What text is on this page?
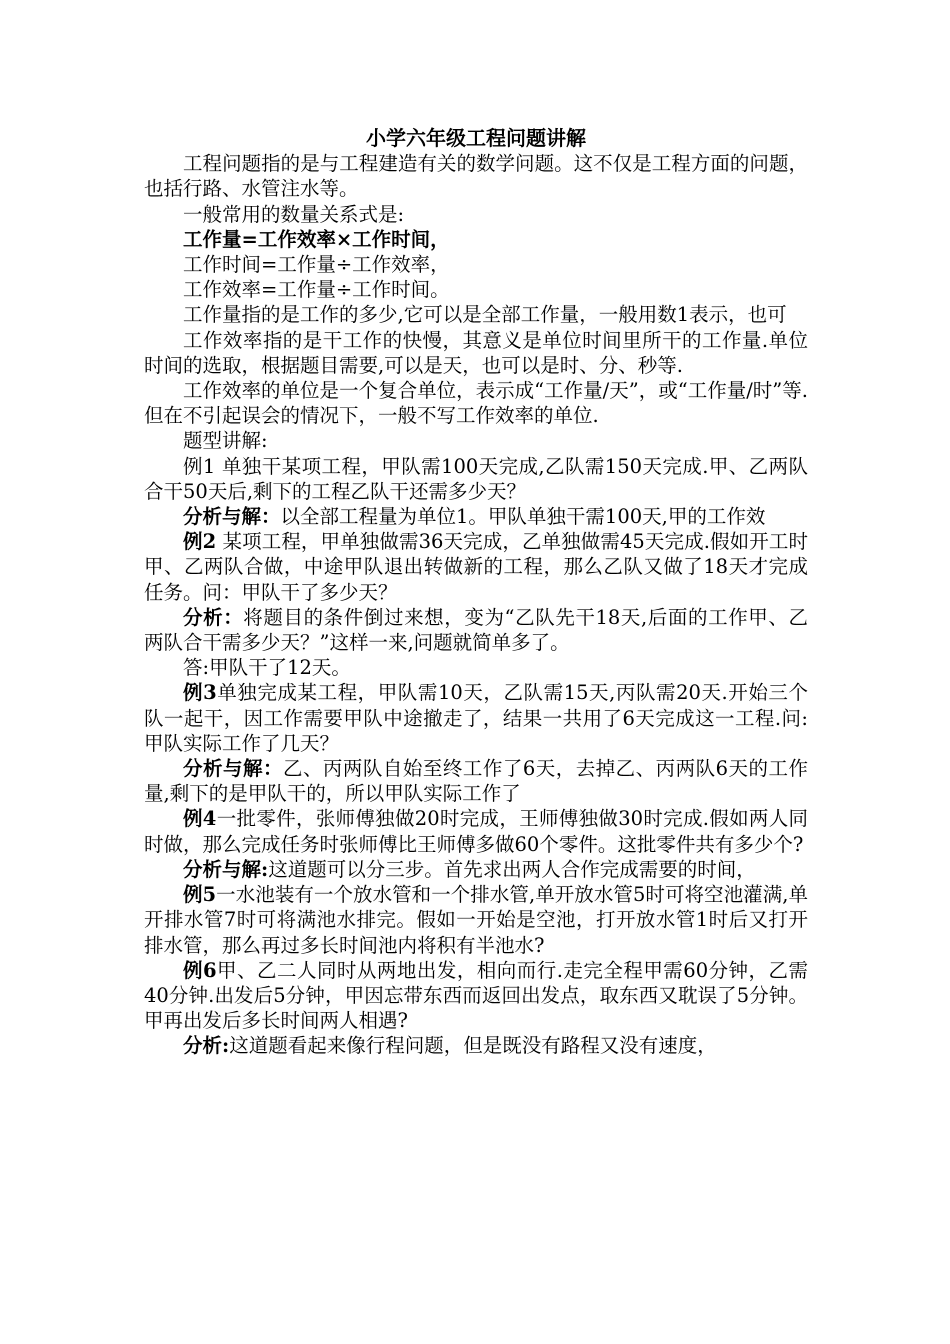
小学六年级工程问题讲解

工程问题指的是与工程建造有关的数学问题。这不仅是工程方面的问题，也括行路、水管注水等。

一般常用的数量关系式是:

工作量=工作效率×工作时间，

工作时间=工作量÷工作效率，

工作效率=工作量÷工作时间。

工作量指的是工作的多少,它可以是全部工作量，一般用数1表示，也可

工作效率指的是干工作的快慢，其意义是单位时间里所干的工作量.单位时间的选取，根据题目需要,可以是天，也可以是时、分、秒等.

工作效率的单位是一个复合单位，表示成“工作量/天”，或“工作量/时”等.但在不引起误会的情况下，一般不写工作效率的单位.

题型讲解:

例1 单独干某项工程，甲队需100天完成,乙队需150天完成.甲、乙两队合干50天后,剩下的工程乙队干还需多少天？

分析与解：以全部工程量为单位1。甲队单独干需100天,甲的工作效

例2 某项工程，甲单独做需36天完成，乙单独做需45天完成.假如开工时甲、乙两队合做，中途甲队退出转做新的工程，那么乙队又做了18天才完成任务。问：甲队干了多少天？

分析：将题目的条件倒过来想，变为“乙队先干18天,后面的工作甲、乙两队合干需多少天？”这样一来,问题就简单多了。

答:甲队干了12天。

例3单独完成某工程，甲队需10天，乙队需15天,丙队需20天.开始三个队一起干，因工作需要甲队中途撤走了，结果一共用了6天完成这一工程.问:甲队实际工作了几天？

分析与解：乙、丙两队自始至终工作了6天，去掉乙、丙两队6天的工作量,剩下的是甲队干的，所以甲队实际工作了

例4一批零件，张师傅独做20时完成，王师傅独做30时完成.假如两人同时做，那么完成任务时张师傅比王师傅多做60个零件。这批零件共有多少个?

分析与解:这道题可以分三步。首先求出两人合作完成需要的时间，

例5一水池装有一个放水管和一个排水管,单开放水管5时可将空池灌满,单开排水管7时可将满池水排完。假如一开始是空池，打开放水管1时后又打开排水管，那么再过多长时间池内将积有半池水?

例6甲、乙二人同时从两地出发，相向而行.走完全程甲需60分钟，乙需40分钟.出发后5分钟，甲因忘带东西而返回出发点，取东西又耽误了5分钟。甲再出发后多长时间两人相遇?

分析:这道题看起来像行程问题，但是既没有路程又没有速度，
